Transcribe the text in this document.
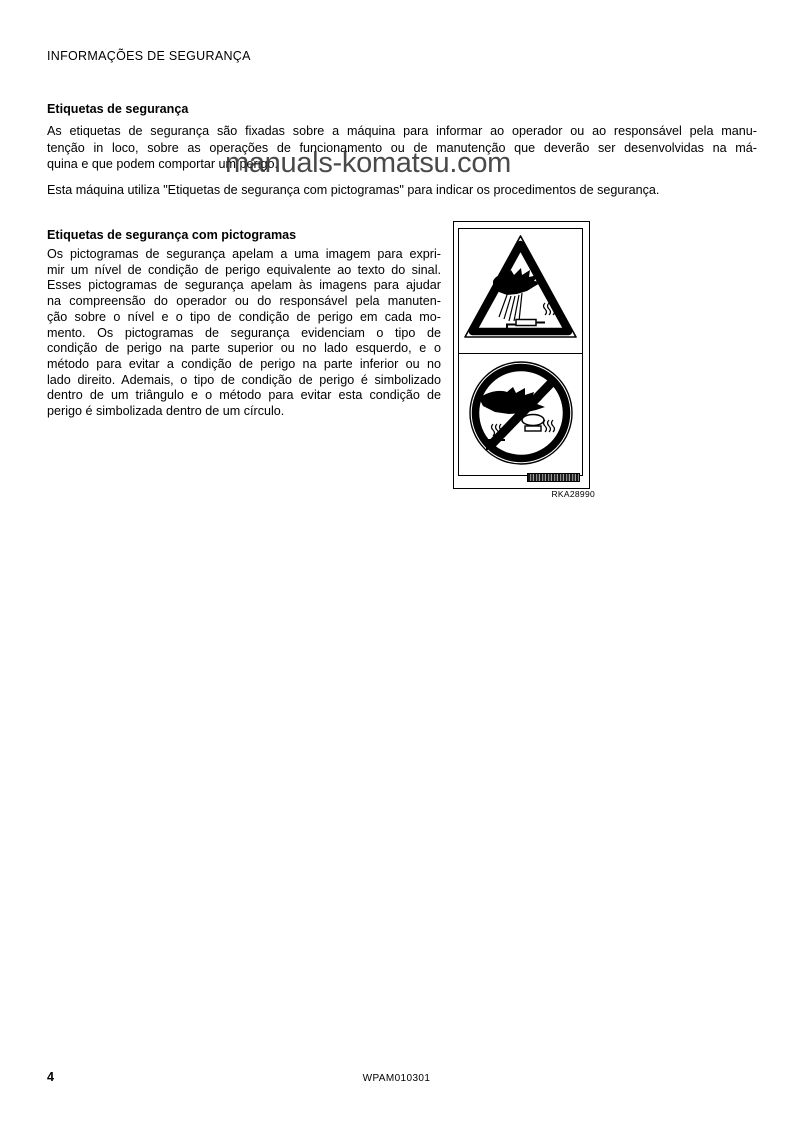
INFORMAÇÕES DE SEGURANÇA
Etiquetas de segurança
As etiquetas de segurança são fixadas sobre a máquina para informar ao operador ou ao responsável pela manu-
tenção in loco, sobre as operações de funcionamento ou de manutenção que deverão ser desenvolvidas na má-
quina e que podem comportar um perigo.
Esta máquina utiliza "Etiquetas de segurança com pictogramas" para indicar os procedimentos de segurança.
Etiquetas de segurança com pictogramas
Os pictogramas de segurança apelam a uma imagem para expri-
mir um nível de condição de perigo equivalente ao texto do sinal.
Esses pictogramas de segurança apelam às imagens para ajudar
na compreensão do operador ou do responsável pela manuten-
ção sobre o nível e o tipo de condição de perigo em cada mo-
mento. Os pictogramas de segurança evidenciam o tipo de
condição de perigo na parte superior ou no lado esquerdo, e o
método para evitar a condição de perigo na parte inferior ou no
lado direito. Ademais, o tipo de condição de perigo é simbolizado
dentro de um triângulo e o método para evitar esta condição de
perigo é simbolizada dentro de um círculo.
manuals-komatsu.com
RKA28990
4	WPAM010301
